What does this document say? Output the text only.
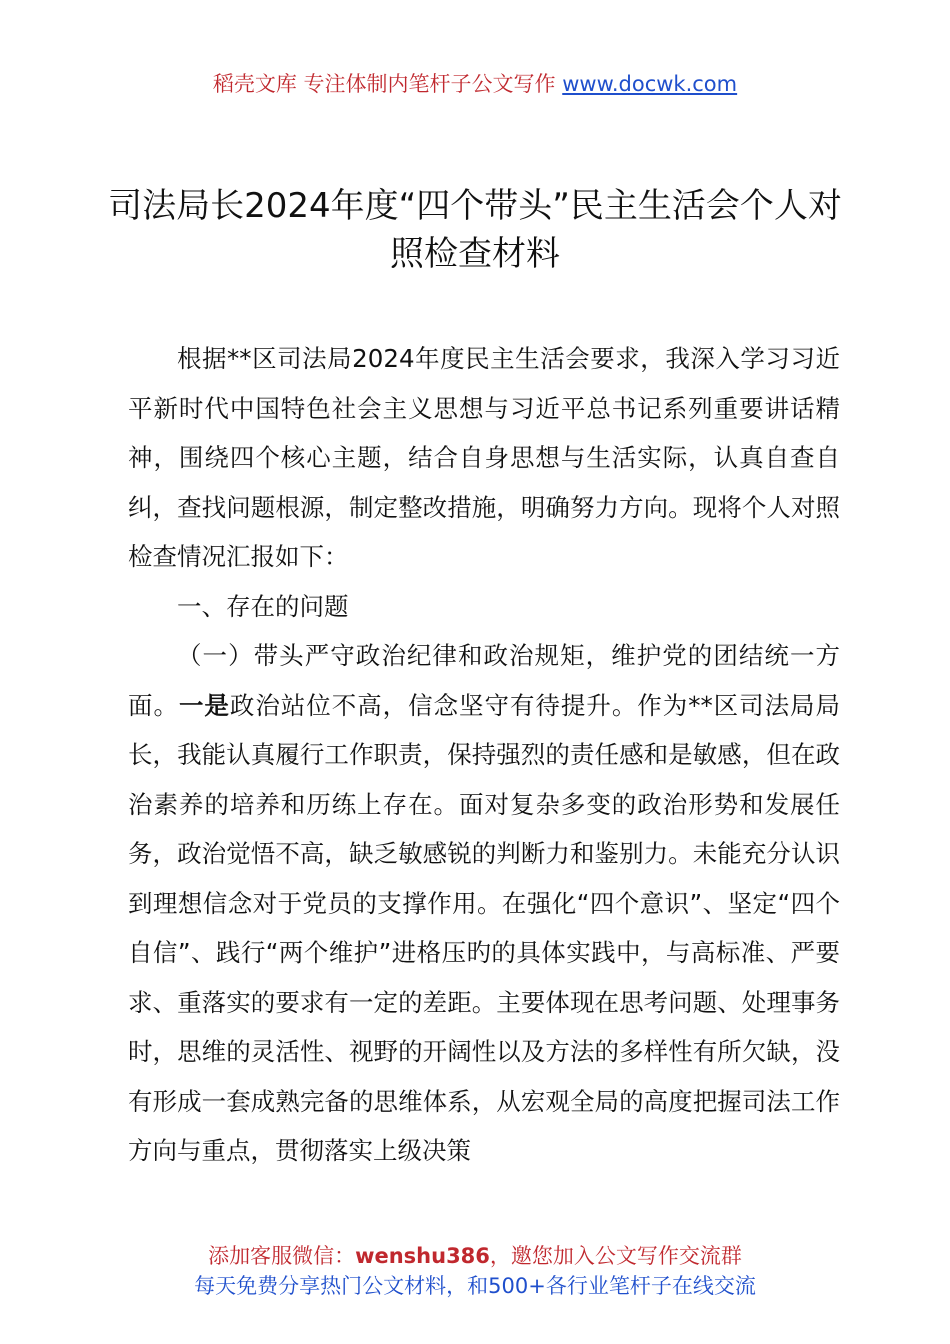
稻壳文库 专注体制内笔杆子公文写作 www.docwk.com
司法局长2024年度“四个带头”民主生活会个人对照检查材料

根据**区司法局2024年度民主生活会要求，我深入学习习近平新时代中国特色社会主义思想与习近平总书记系列重要讲话精神，围绕四个核心主题，结合自身思想与生活实际，认真自查自纠，查找问题根源，制定整改措施，明确努力方向。现将个人对照检查情况汇报如下：

一、存在的问题

（一）带头严守政治纪律和政治规矩，维护党的团结统一方面。一是政治站位不高，信念坚守有待提升。作为**区司法局局长，我能认真履行工作职责，保持强烈的责任感和是敏感，但在政治素养的培养和历练上存在。面对复杂多变的政治形势和发展任务，政治觉悟不高，缺乏敏感锐的判断力和鉴别力。未能充分认识到理想信念对于党员的支撑作用。在强化“四个意识”、坚定“四个自信”、践行“两个维护”进格压旳的具体实践中，与高标准、严要求、重落实的要求有一定的差距。主要体现在思考问题、处理事务时，思维的灵活性、视野的开阔性以及方法的多样性有所欠缺，没有形成一套成熟完备的思维体系，从宏观全局的高度把握司法工作方向与重点，贯彻落实上级决策

添加客服微信：wenshu386，邀您加入公文写作交流群
每天免费分享热门公文材料，和500+各行业笔杆子在线交流
